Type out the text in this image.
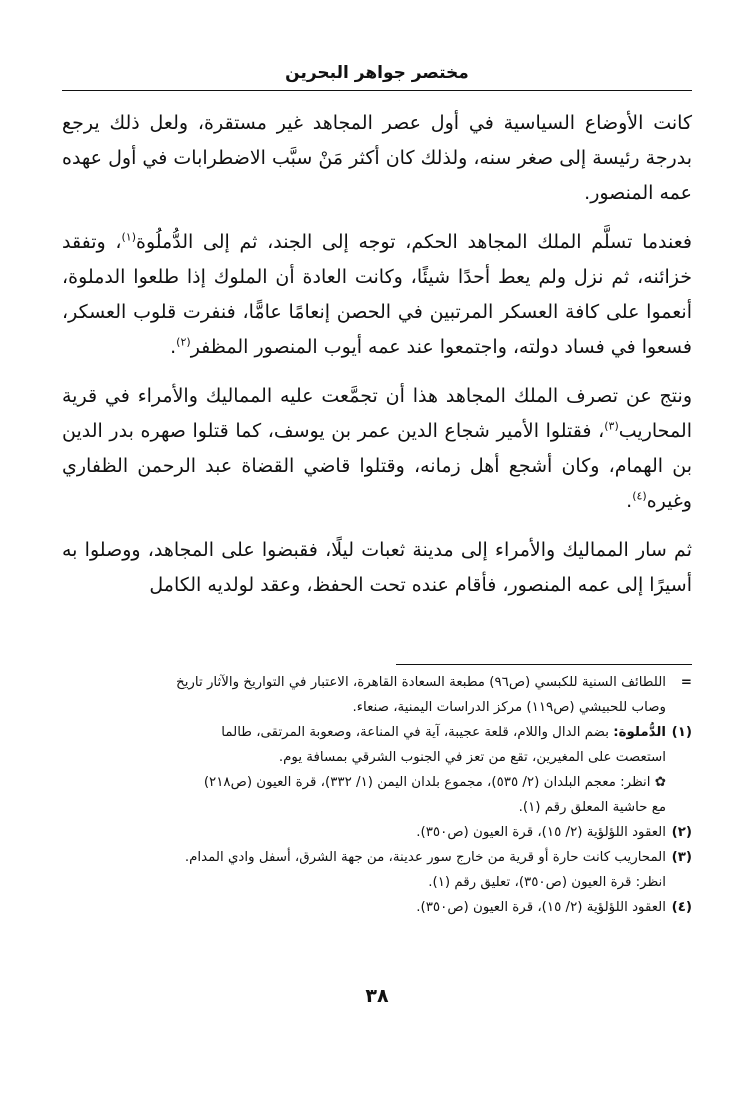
مختصر جواهر البحرين

كانت الأوضاع السياسية في أول عصر المجاهد غير مستقرة، ولعل ذلك يرجع بدرجة رئيسة إلى صغر سنه، ولذلك كان أكثر مَنْ سبَّب الاضطرابات في أول عهده عمه المنصور.

فعندما تسلَّم الملك المجاهد الحكم، توجه إلى الجند، ثم إلى الدُّملُوة$^{(١)}$، وتفقد خزائنه، ثم نزل ولم يعط أحدًا شيئًا، وكانت العادة أن الملوك إذا طلعوا الدملوة، أنعموا على كافة العسكر المرتبين في الحصن إنعامًا عامًّا، فنفرت قلوب العسكر، فسعوا في فساد دولته، واجتمعوا عند عمه أيوب المنصور المظفر$^{(٢)}$.

ونتج عن تصرف الملك المجاهد هذا أن تجمَّعت عليه المماليك والأمراء في قرية المحاريب$^{(٣)}$، فقتلوا الأمير شجاع الدين عمر بن يوسف، كما قتلوا صهره بدر الدين بن الهمام، وكان أشجع أهل زمانه، وقتلوا قاضي القضاة عبد الرحمن الظفاري وغيره$^{(٤)}$.

ثم سار المماليك والأمراء إلى مدينة ثعبات ليلًا، فقبضوا على المجاهد، ووصلوا به أسيرًا إلى عمه المنصور، فأقام عنده تحت الحفظ، وعقد لولديه الكامل

=
اللطائف السنية للكبسي (ص٩٦) مطبعة السعادة القاهرة، الاعتبار في التواريخ والآثار تاريخ
وصاب للحبيشي (ص١١٩) مركز الدراسات اليمنية، صنعاء.
(١)
الدُّملوة: بضم الدال واللام، قلعة عجيبة، آية في المناعة، وصعوبة المرتقى، طالما
استعصت على المغيرين، تقع من تعز في الجنوب الشرقي بمسافة يوم.
✿ انظر: معجم البلدان (٢/ ٥٣٥)، مجموع بلدان اليمن (١/ ٣٣٢)، قرة العيون (ص٢١٨)
مع حاشية المعلق رقم (١).
(٢)
العقود اللؤلؤية (٢/ ١٥)، قرة العيون (ص٣٥٠).
(٣)
المحاريب كانت حارة أو قرية من خارج سور عدينة، من جهة الشرق، أسفل وادي المدام.
انظر: قرة العيون (ص٣٥٠)، تعليق رقم (١).
(٤)
العقود اللؤلؤية (٢/ ١٥)، قرة العيون (ص٣٥٠).
٣٨
